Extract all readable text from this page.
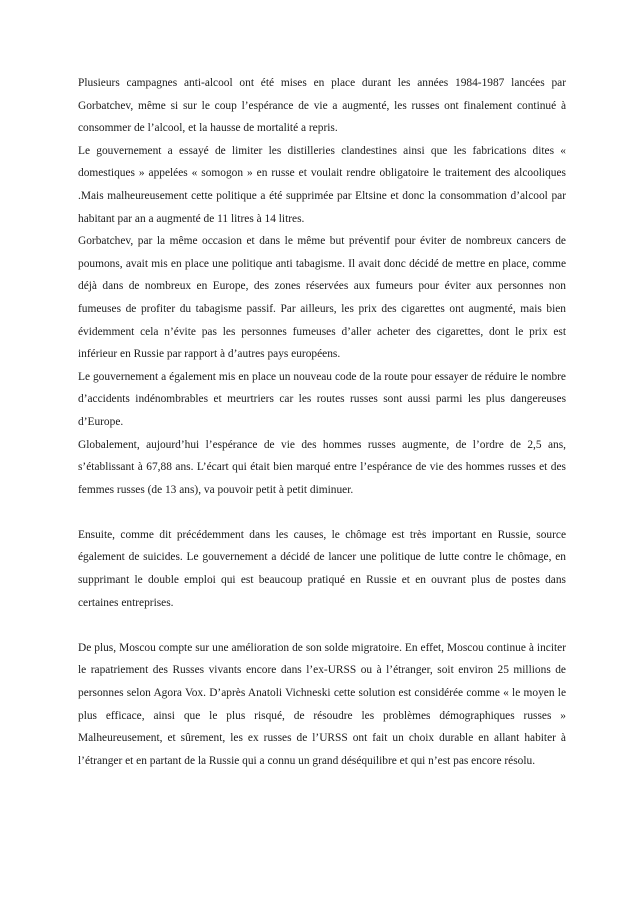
Plusieurs campagnes anti-alcool ont été mises en place durant les années 1984-1987 lancées par Gorbatchev, même si sur le coup l’espérance de vie a augmenté, les russes ont finalement continué à consommer de l’alcool, et la hausse de mortalité a repris.

Le gouvernement a essayé de limiter les distilleries clandestines ainsi que les fabrications dites « domestiques » appelées « somogon » en russe et voulait rendre obligatoire le traitement des alcooliques .Mais malheureusement cette politique a été supprimée par Eltsine et donc la consommation d’alcool par habitant par an a augmenté de 11 litres à 14 litres.

Gorbatchev, par la même occasion et dans le même but préventif pour éviter de nombreux cancers de poumons, avait mis en place une politique anti tabagisme. Il avait donc décidé de mettre en place, comme déjà dans de nombreux en Europe, des zones réservées aux fumeurs pour éviter aux personnes non fumeuses de profiter du tabagisme passif. Par ailleurs, les prix des cigarettes ont augmenté, mais bien évidemment cela n’évite pas les personnes fumeuses d’aller acheter des cigarettes, dont le prix est inférieur en Russie par rapport à d’autres pays européens.

Le gouvernement a également mis en place un nouveau code de la route pour essayer de réduire le nombre d’accidents indénombrables et meurtriers car les routes russes sont aussi parmi les plus dangereuses d’Europe.

Globalement, aujourd’hui l’espérance de vie des hommes russes augmente, de l’ordre de 2,5 ans, s’établissant à 67,88 ans. L’écart qui était bien marqué entre l’espérance de vie des hommes russes et des femmes russes (de 13 ans), va pouvoir petit à petit diminuer.

Ensuite, comme dit précédemment dans les causes, le chômage est très important en Russie, source également de suicides. Le gouvernement a décidé de lancer une politique de lutte contre le chômage, en supprimant le double emploi qui est beaucoup pratiqué en Russie et en ouvrant plus de postes dans certaines entreprises.

De plus, Moscou compte sur une amélioration de son solde migratoire. En effet, Moscou continue à inciter le rapatriement des Russes vivants encore dans l’ex-URSS ou à l’étranger, soit environ 25 millions de personnes selon Agora Vox. D’après Anatoli Vichneski cette solution est considérée comme « le moyen le plus efficace, ainsi que le plus risqué, de résoudre les problèmes démographiques russes » Malheureusement, et sûrement, les ex russes de l’URSS ont fait un choix durable en allant habiter à l’étranger et en partant de la Russie qui a connu un grand déséquilibre et qui n’est pas encore résolu.
